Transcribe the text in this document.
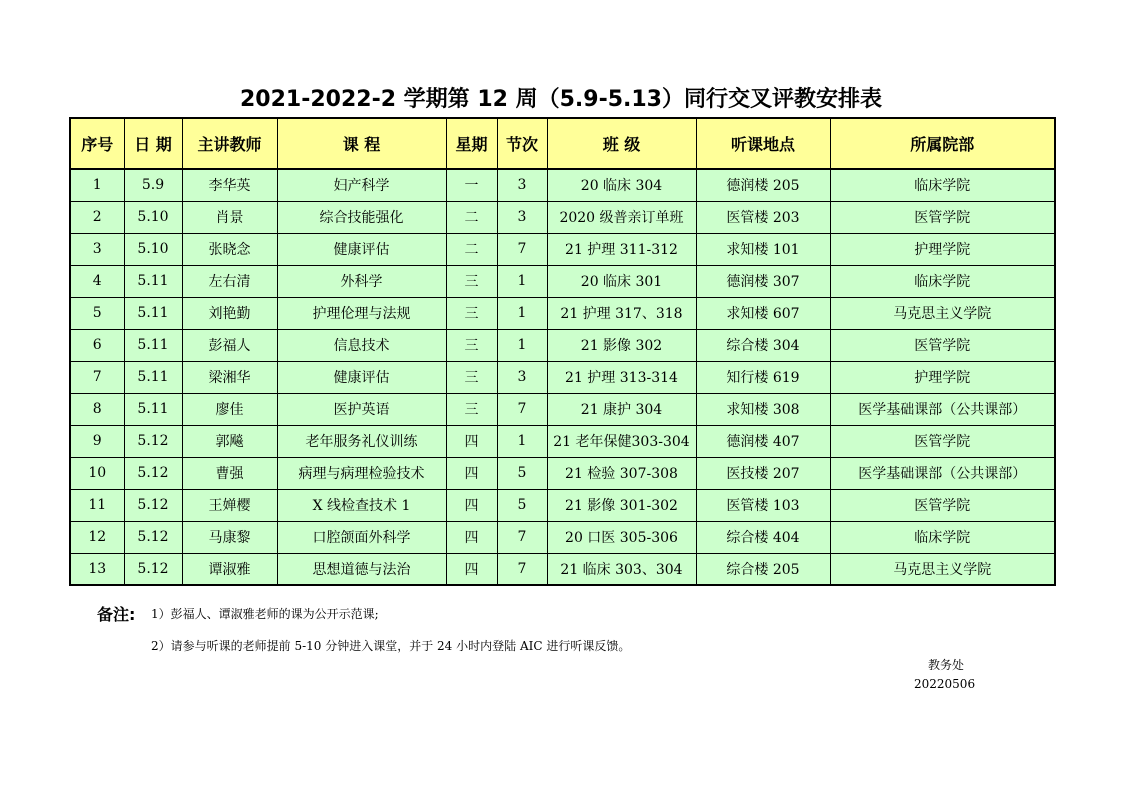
2021-2022-2 学期第 12 周（5.9-5.13）同行交叉评教安排表
序号	日 期	主讲教师	课 程	星期	节次	班 级	听课地点	所属院部
1	5.9	李华英	妇产科学	一	3	20 临床 304	德润楼 205	临床学院
2	5.10	肖景	综合技能强化	二	3	2020 级普亲订单班	医管楼 203	医管学院
3	5.10	张晓念	健康评估	二	7	21 护理 311-312	求知楼 101	护理学院
4	5.11	左右清	外科学	三	1	20 临床 301	德润楼 307	临床学院
5	5.11	刘艳勤	护理伦理与法规	三	1	21 护理 317、318	求知楼 607	马克思主义学院
6	5.11	彭福人	信息技术	三	1	21 影像 302	综合楼 304	医管学院
7	5.11	梁湘华	健康评估	三	3	21 护理 313-314	知行楼 619	护理学院
8	5.11	廖佳	医护英语	三	7	21 康护 304	求知楼 308	医学基础课部（公共课部）
9	5.12	郭飚	老年服务礼仪训练	四	1	21 老年保健303-304	德润楼 407	医管学院
10	5.12	曹强	病理与病理检验技术	四	5	21 检验 307-308	医技楼 207	医学基础课部（公共课部）
11	5.12	王婵樱	X 线检查技术 1	四	5	21 影像 301-302	医管楼 103	医管学院
12	5.12	马康黎	口腔颌面外科学	四	7	20 口医 305-306	综合楼 404	临床学院
13	5.12	谭淑雅	思想道德与法治	四	7	21 临床 303、304	综合楼 205	马克思主义学院
备注: 1）彭福人、谭淑雅老师的课为公开示范课;
2）请参与听课的老师提前 5-10 分钟进入课堂，并于 24 小时内登陆 AIC 进行听课反馈。
教务处
20220506
